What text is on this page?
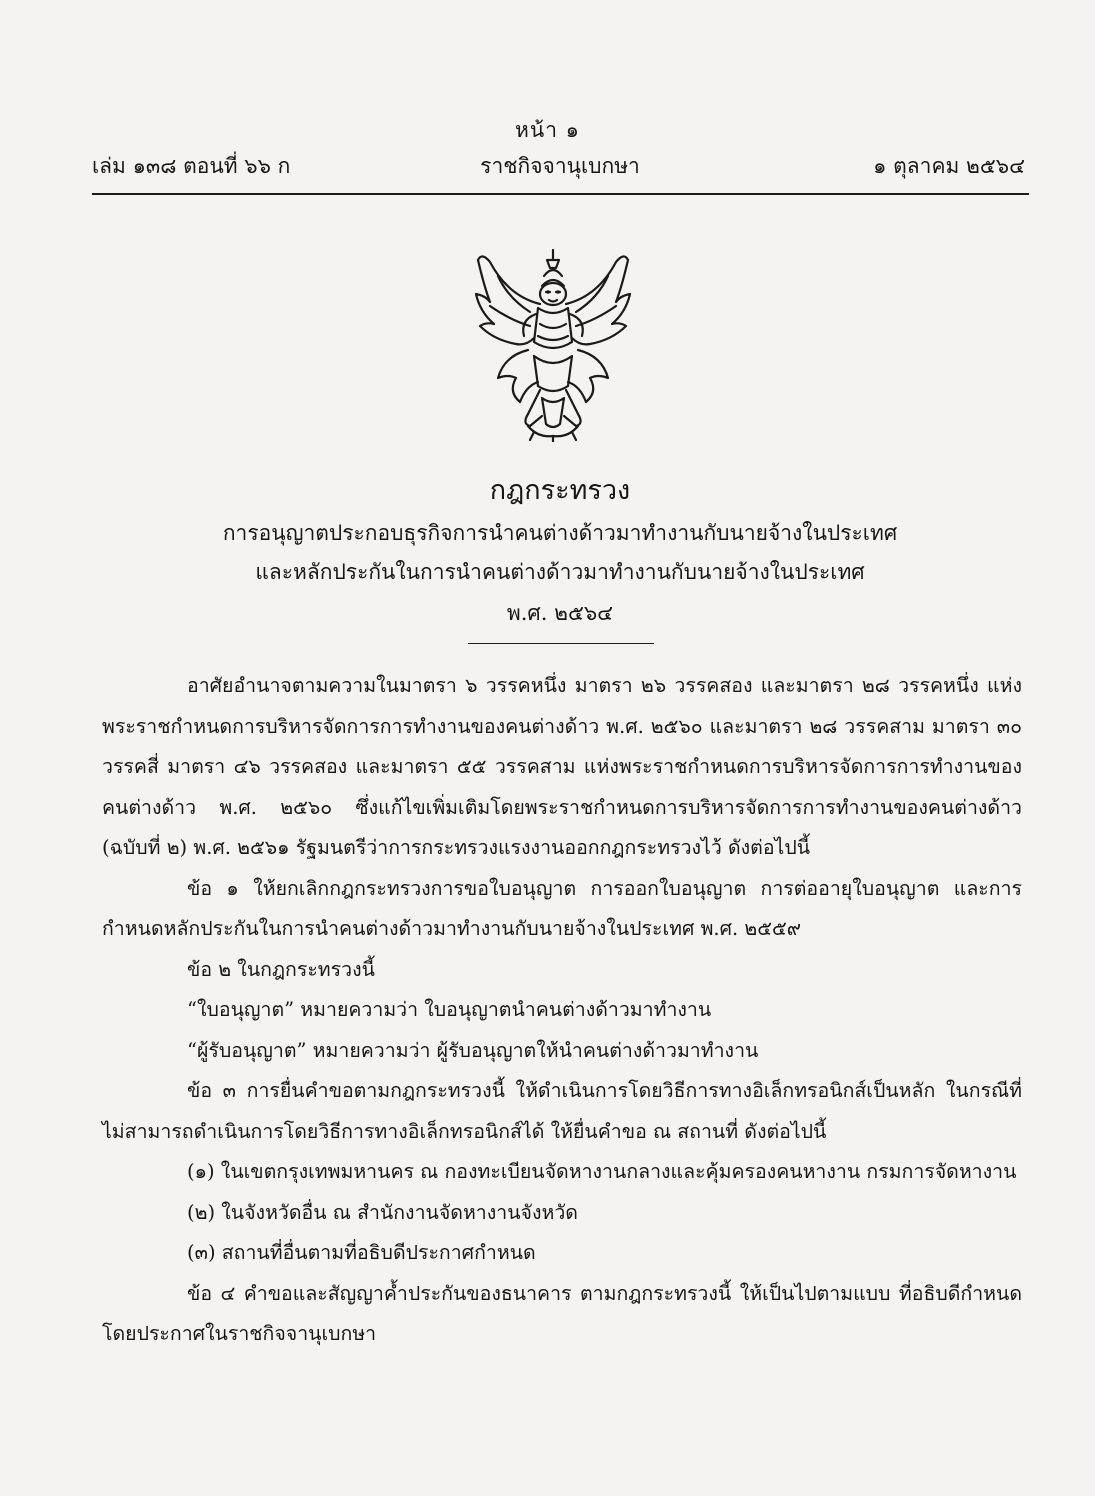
หน้า ๑
เล่ม ๑๓๘ ตอนที่ ๖๖ ก	ราชกิจจานุเบกษา	๑ ตุลาคม ๒๕๖๔
กฎกระทรวง
การอนุญาตประกอบธุรกิจการนำคนต่างด้าวมาทำงานกับนายจ้างในประเทศ
และหลักประกันในการนำคนต่างด้าวมาทำงานกับนายจ้างในประเทศ
พ.ศ. ๒๕๖๔

อาศัยอำนาจตามความในมาตรา ๖ วรรคหนึ่ง มาตรา ๒๖ วรรคสอง และมาตรา ๒๘ วรรคหนึ่ง แห่งพระราชกำหนดการบริหารจัดการการทำงานของคนต่างด้าว พ.ศ. ๒๕๖๐ และมาตรา ๒๘ วรรคสาม มาตรา ๓๐ วรรคสี่ มาตรา ๔๖ วรรคสอง และมาตรา ๕๕ วรรคสาม แห่งพระราชกำหนดการบริหารจัดการการทำงานของคนต่างด้าว พ.ศ. ๒๕๖๐ ซึ่งแก้ไขเพิ่มเติมโดยพระราชกำหนดการบริหารจัดการการทำงานของคนต่างด้าว (ฉบับที่ ๒) พ.ศ. ๒๕๖๑ รัฐมนตรีว่าการกระทรวงแรงงานออกกฎกระทรวงไว้ ดังต่อไปนี้

ข้อ ๑ ให้ยกเลิกกฎกระทรวงการขอใบอนุญาต การออกใบอนุญาต การต่ออายุใบอนุญาต และการกำหนดหลักประกันในการนำคนต่างด้าวมาทำงานกับนายจ้างในประเทศ พ.ศ. ๒๕๕๙

ข้อ ๒ ในกฎกระทรวงนี้

“ใบอนุญาต” หมายความว่า ใบอนุญาตนำคนต่างด้าวมาทำงาน

“ผู้รับอนุญาต” หมายความว่า ผู้รับอนุญาตให้นำคนต่างด้าวมาทำงาน

ข้อ ๓ การยื่นคำขอตามกฎกระทรวงนี้ ให้ดำเนินการโดยวิธีการทางอิเล็กทรอนิกส์เป็นหลัก ในกรณีที่ไม่สามารถดำเนินการโดยวิธีการทางอิเล็กทรอนิกส์ได้ ให้ยื่นคำขอ ณ สถานที่ ดังต่อไปนี้

(๑) ในเขตกรุงเทพมหานคร ณ กองทะเบียนจัดหางานกลางและคุ้มครองคนหางาน กรมการจัดหางาน

(๒) ในจังหวัดอื่น ณ สำนักงานจัดหางานจังหวัด

(๓) สถานที่อื่นตามที่อธิบดีประกาศกำหนด

ข้อ ๔ คำขอและสัญญาค้ำประกันของธนาคาร ตามกฎกระทรวงนี้ ให้เป็นไปตามแบบ ที่อธิบดีกำหนดโดยประกาศในราชกิจจานุเบกษา
